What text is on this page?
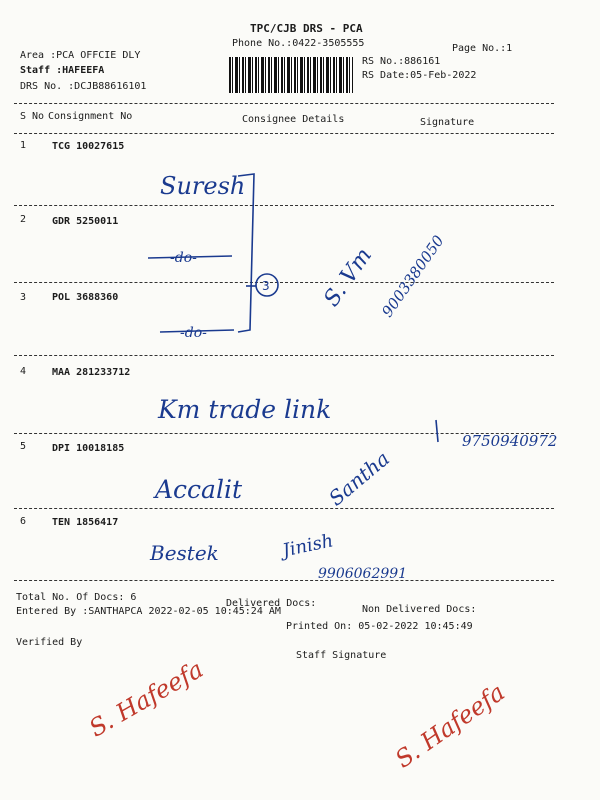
TPC/CJB DRS - PCA
Phone No.:0422-3505555	Page No.:1
Area :PCA OFFCIE DLY
Staff :HAFEEFA
DRS No. :DCJB88616101
RS No.:886161
RS Date:05-Feb-2022
S No Consignment No	Consignee Details	Signature
1	TCG 10027615
2	GDR 5250011
3	POL 3688360
4	MAA 281233712
5	DPI 10018185
6	TEN 1856417
Total No. Of Docs: 6
Delivered Docs:
Non Delivered Docs:
Entered By :SANTHAPCA 2022-02-05 10:45:24 AM
Printed On: 05-02-2022 10:45:49
Verified By
Staff Signature
Suresh
-do-
-do-
S. Vm 9003380050
Km trade link
9750940972
Accalit	Santha
Bestek	Jinish
9906062991
3
S. Hafeefa	S. Hafeefa
